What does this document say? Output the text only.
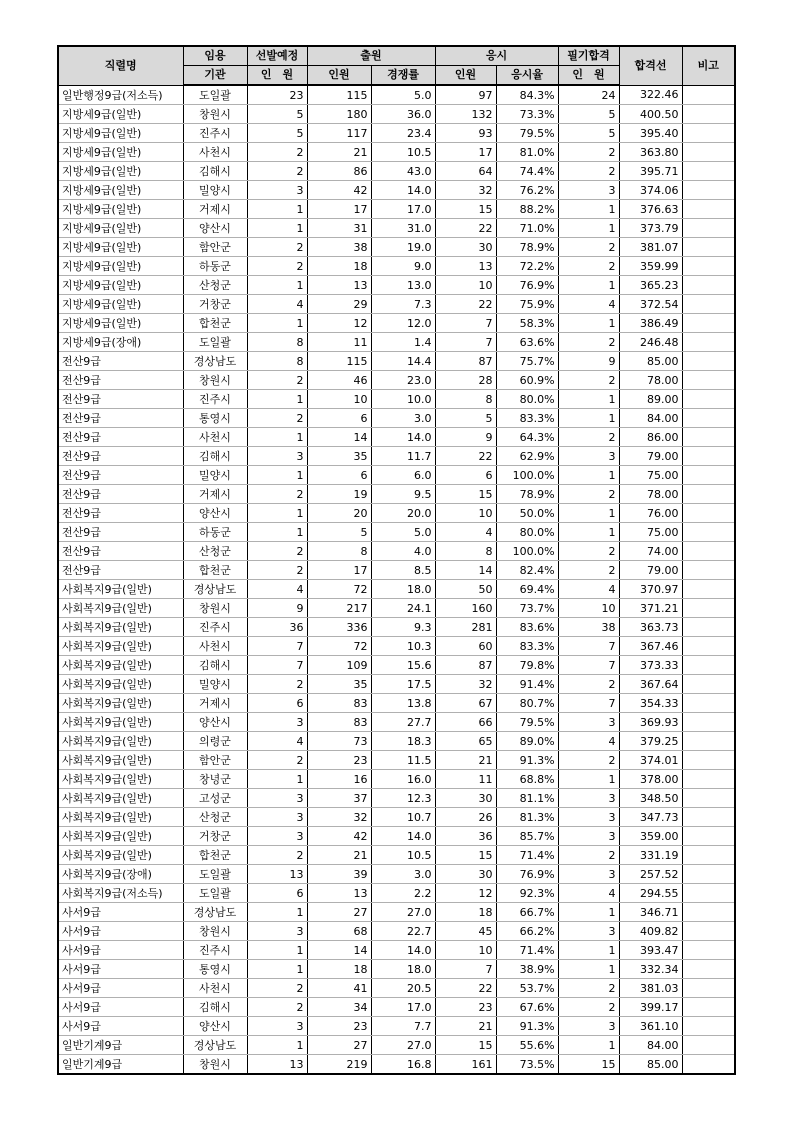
직렬명	임용	선발예정	출원		응시		필기합격	합격선	비고
	기관	인　원	인원	경쟁률	인원	응시율	인　원		
일반행정9급(저소득)	도일괄	23	115	5.0	97	84.3%	24	322.46	
지방세9급(일반)	창원시	5	180	36.0	132	73.3%	5	400.50	
지방세9급(일반)	진주시	5	117	23.4	93	79.5%	5	395.40	
지방세9급(일반)	사천시	2	21	10.5	17	81.0%	2	363.80	
지방세9급(일반)	김해시	2	86	43.0	64	74.4%	2	395.71	
지방세9급(일반)	밀양시	3	42	14.0	32	76.2%	3	374.06	
지방세9급(일반)	거제시	1	17	17.0	15	88.2%	1	376.63	
지방세9급(일반)	양산시	1	31	31.0	22	71.0%	1	373.79	
지방세9급(일반)	함안군	2	38	19.0	30	78.9%	2	381.07	
지방세9급(일반)	하동군	2	18	9.0	13	72.2%	2	359.99	
지방세9급(일반)	산청군	1	13	13.0	10	76.9%	1	365.23	
지방세9급(일반)	거창군	4	29	7.3	22	75.9%	4	372.54	
지방세9급(일반)	합천군	1	12	12.0	7	58.3%	1	386.49	
지방세9급(장애)	도일괄	8	11	1.4	7	63.6%	2	246.48	
전산9급	경상남도	8	115	14.4	87	75.7%	9	85.00	
전산9급	창원시	2	46	23.0	28	60.9%	2	78.00	
전산9급	진주시	1	10	10.0	8	80.0%	1	89.00	
전산9급	통영시	2	6	3.0	5	83.3%	1	84.00	
전산9급	사천시	1	14	14.0	9	64.3%	2	86.00	
전산9급	김해시	3	35	11.7	22	62.9%	3	79.00	
전산9급	밀양시	1	6	6.0	6	100.0%	1	75.00	
전산9급	거제시	2	19	9.5	15	78.9%	2	78.00	
전산9급	양산시	1	20	20.0	10	50.0%	1	76.00	
전산9급	하동군	1	5	5.0	4	80.0%	1	75.00	
전산9급	산청군	2	8	4.0	8	100.0%	2	74.00	
전산9급	합천군	2	17	8.5	14	82.4%	2	79.00	
사회복지9급(일반)	경상남도	4	72	18.0	50	69.4%	4	370.97	
사회복지9급(일반)	창원시	9	217	24.1	160	73.7%	10	371.21	
사회복지9급(일반)	진주시	36	336	9.3	281	83.6%	38	363.73	
사회복지9급(일반)	사천시	7	72	10.3	60	83.3%	7	367.46	
사회복지9급(일반)	김해시	7	109	15.6	87	79.8%	7	373.33	
사회복지9급(일반)	밀양시	2	35	17.5	32	91.4%	2	367.64	
사회복지9급(일반)	거제시	6	83	13.8	67	80.7%	7	354.33	
사회복지9급(일반)	양산시	3	83	27.7	66	79.5%	3	369.93	
사회복지9급(일반)	의령군	4	73	18.3	65	89.0%	4	379.25	
사회복지9급(일반)	함안군	2	23	11.5	21	91.3%	2	374.01	
사회복지9급(일반)	창녕군	1	16	16.0	11	68.8%	1	378.00	
사회복지9급(일반)	고성군	3	37	12.3	30	81.1%	3	348.50	
사회복지9급(일반)	산청군	3	32	10.7	26	81.3%	3	347.73	
사회복지9급(일반)	거창군	3	42	14.0	36	85.7%	3	359.00	
사회복지9급(일반)	합천군	2	21	10.5	15	71.4%	2	331.19	
사회복지9급(장애)	도일괄	13	39	3.0	30	76.9%	3	257.52	
사회복지9급(저소득)	도일괄	6	13	2.2	12	92.3%	4	294.55	
사서9급	경상남도	1	27	27.0	18	66.7%	1	346.71	
사서9급	창원시	3	68	22.7	45	66.2%	3	409.82	
사서9급	진주시	1	14	14.0	10	71.4%	1	393.47	
사서9급	통영시	1	18	18.0	7	38.9%	1	332.34	
사서9급	사천시	2	41	20.5	22	53.7%	2	381.03	
사서9급	김해시	2	34	17.0	23	67.6%	2	399.17	
사서9급	양산시	3	23	7.7	21	91.3%	3	361.10	
일반기계9급	경상남도	1	27	27.0	15	55.6%	1	84.00	
일반기계9급	창원시	13	219	16.8	161	73.5%	15	85.00	
